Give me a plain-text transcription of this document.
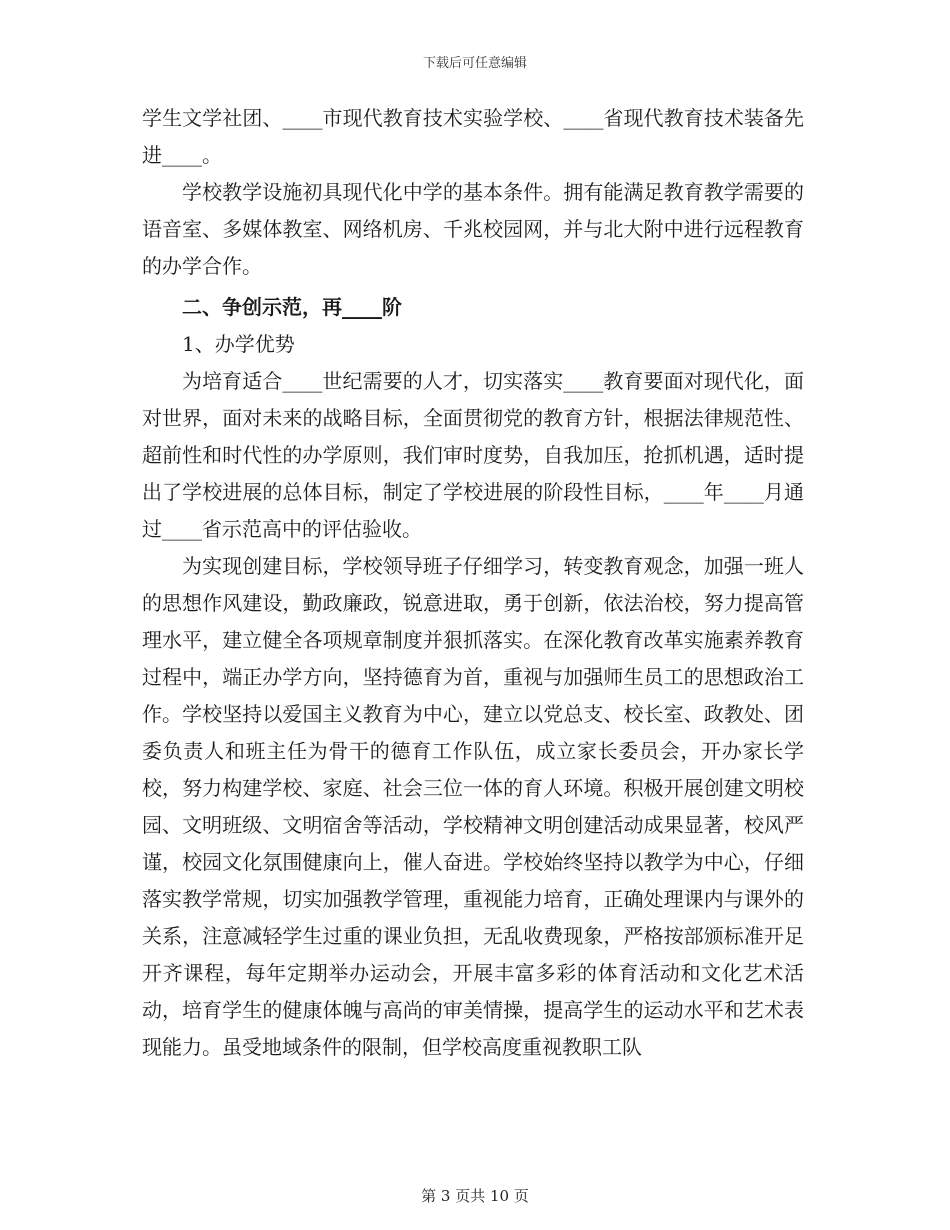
下载后可任意编辑

学生文学社团、____市现代教育技术实验学校、____省现代教育技术装备先进____。

学校教学设施初具现代化中学的基本条件。拥有能满足教育教学需要的语音室、多媒体教室、网络机房、千兆校园网，并与北大附中进行远程教育的办学合作。

二、争创示范，再____阶

1、办学优势

为培育适合____世纪需要的人才，切实落实____教育要面对现代化，面对世界，面对未来的战略目标，全面贯彻党的教育方针，根据法律规范性、超前性和时代性的办学原则，我们审时度势，自我加压，抢抓机遇，适时提出了学校进展的总体目标，制定了学校进展的阶段性目标，____年____月通过____省示范高中的评估验收。

为实现创建目标，学校领导班子仔细学习，转变教育观念，加强一班人的思想作风建设，勤政廉政，锐意进取，勇于创新，依法治校，努力提高管理水平，建立健全各项规章制度并狠抓落实。在深化教育改革实施素养教育过程中，端正办学方向，坚持德育为首，重视与加强师生员工的思想政治工作。学校坚持以爱国主义教育为中心，建立以党总支、校长室、政教处、团委负责人和班主任为骨干的德育工作队伍，成立家长委员会，开办家长学校，努力构建学校、家庭、社会三位一体的育人环境。积极开展创建文明校园、文明班级、文明宿舍等活动，学校精神文明创建活动成果显著，校风严谨，校园文化氛围健康向上，催人奋进。学校始终坚持以教学为中心，仔细落实教学常规，切实加强教学管理，重视能力培育，正确处理课内与课外的关系，注意减轻学生过重的课业负担，无乱收费现象，严格按部颁标准开足开齐课程，每年定期举办运动会，开展丰富多彩的体育活动和文化艺术活动，培育学生的健康体魄与高尚的审美情操，提高学生的运动水平和艺术表现能力。虽受地域条件的限制，但学校高度重视教职工队

第 3 页共 10 页
